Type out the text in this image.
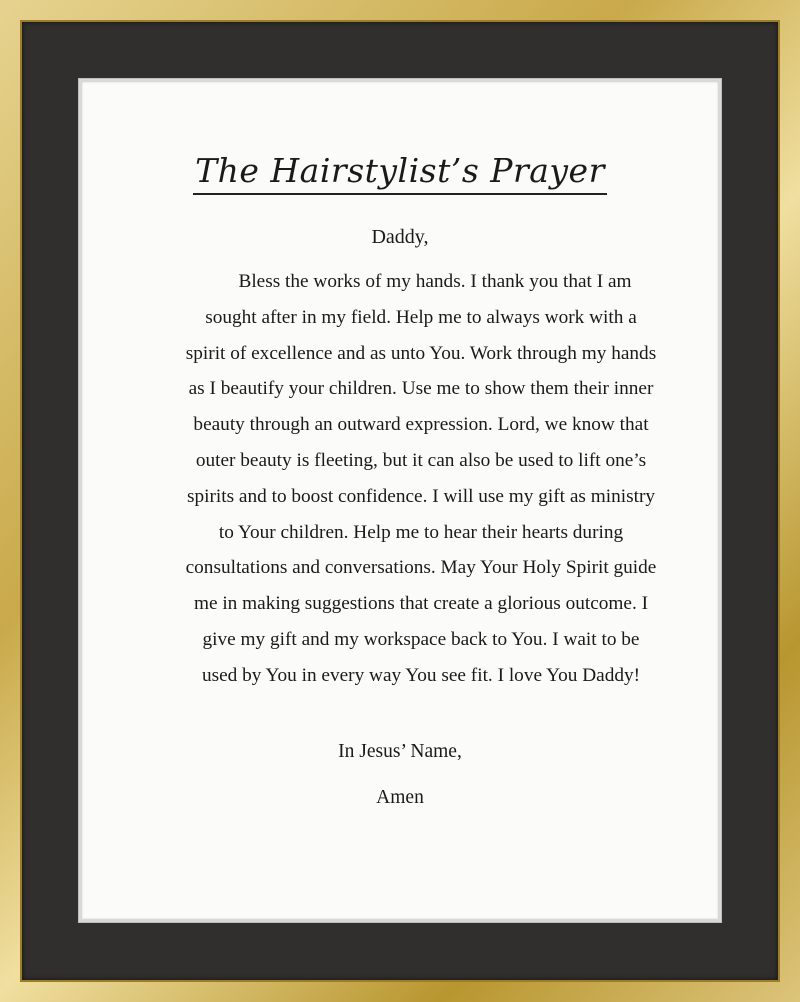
The Hairstylist’s Prayer
Daddy,

Bless the works of my hands. I thank you that I am sought after in my field. Help me to always work with a spirit of excellence and as unto You. Work through my hands as I beautify your children. Use me to show them their inner beauty through an outward expression. Lord, we know that outer beauty is fleeting, but it can also be used to lift one’s spirits and to boost confidence. I will use my gift as ministry to Your children. Help me to hear their hearts during consultations and conversations. May Your Holy Spirit guide me in making suggestions that create a glorious outcome. I give my gift and my workspace back to You. I wait to be used by You in every way You see fit. I love You Daddy!

In Jesus’ Name,
Amen
